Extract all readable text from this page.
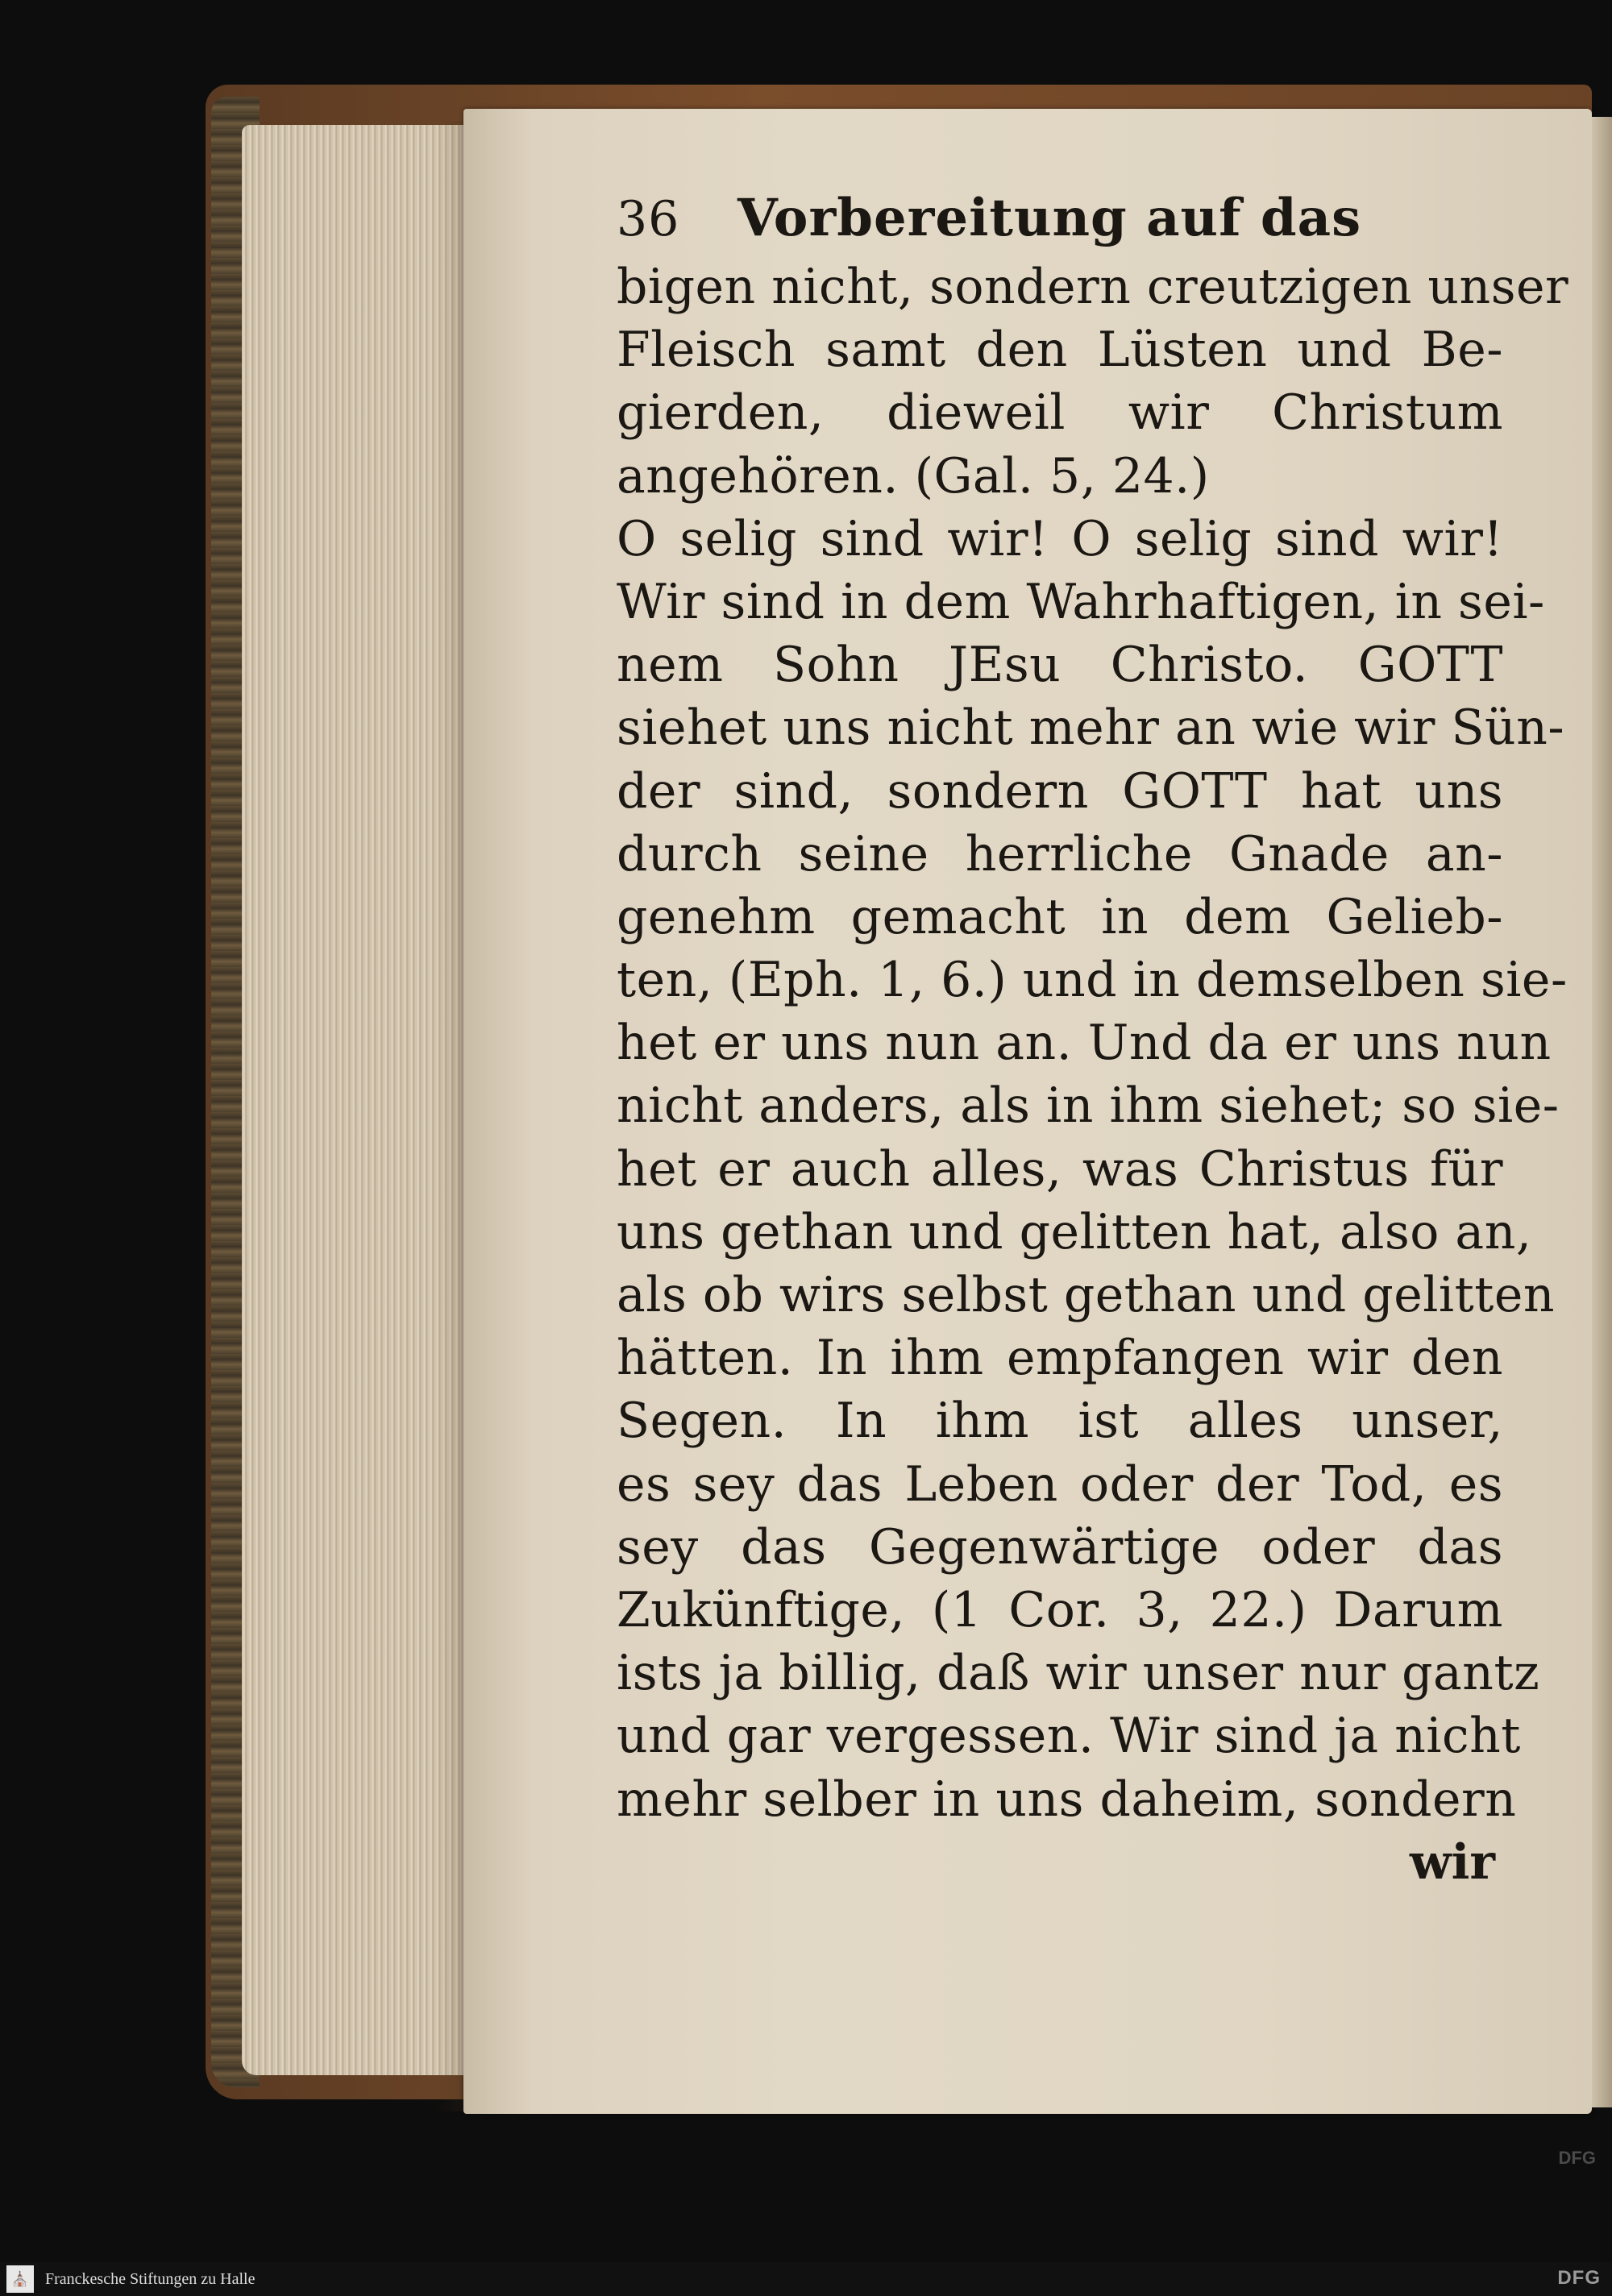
36	Vorbereitung auf das
bigen nicht, sondern creutzigen unser
Fleisch samt den Lüsten und Be-
gierden, dieweil wir Christum
angehören. (Gal. 5, 24.)
O selig sind wir! O selig sind wir!
Wir sind in dem Wahrhaftigen, in sei-
nem Sohn JEsu Christo. GOTT
siehet uns nicht mehr an wie wir Sün-
der sind, sondern GOTT hat uns
durch seine herrliche Gnade an-
genehm gemacht in dem Gelieb-
ten, (Eph. 1, 6.) und in demselben sie-
het er uns nun an. Und da er uns nun
nicht anders, als in ihm siehet; so sie-
het er auch alles, was Christus für
uns gethan und gelitten hat, also an,
als ob wirs selbst gethan und gelitten
hätten. In ihm empfangen wir den
Segen. In ihm ist alles unser,
es sey das Leben oder der Tod, es
sey das Gegenwärtige oder das
Zukünftige, (1 Cor. 3, 22.) Darum
ists ja billig, daß wir unser nur gantz
und gar vergessen. Wir sind ja nicht
mehr selber in uns daheim, sondern
wir
DFG
⛪ Franckesche Stiftungen zu Halle	DFG
